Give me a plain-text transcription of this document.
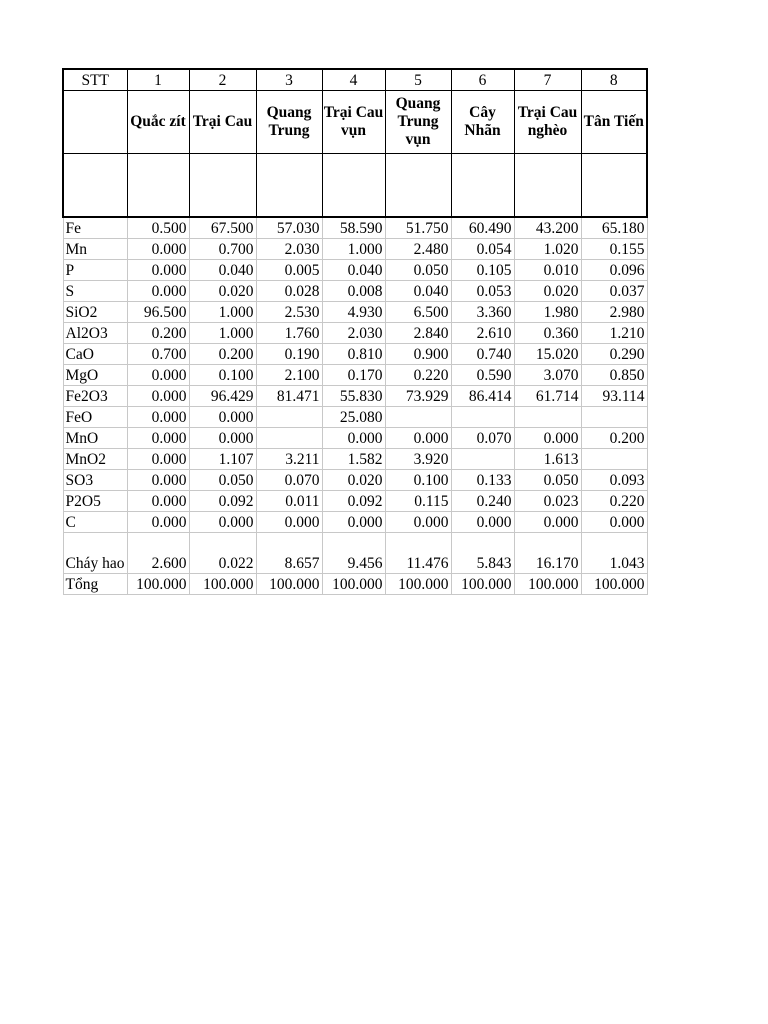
STT	1	2	3	4	5	6	7	8
	Quắc zít	Trại Cau	Quang Trung	Trại Cau vụn	Quang Trung vụn	Cây Nhãn	Trại Cau nghèo	Tân Tiến

Fe	0.500	67.500	57.030	58.590	51.750	60.490	43.200	65.180
Mn	0.000	0.700	2.030	1.000	2.480	0.054	1.020	0.155
P	0.000	0.040	0.005	0.040	0.050	0.105	0.010	0.096
S	0.000	0.020	0.028	0.008	0.040	0.053	0.020	0.037
SiO2	96.500	1.000	2.530	4.930	6.500	3.360	1.980	2.980
Al2O3	0.200	1.000	1.760	2.030	2.840	2.610	0.360	1.210
CaO	0.700	0.200	0.190	0.810	0.900	0.740	15.020	0.290
MgO	0.000	0.100	2.100	0.170	0.220	0.590	3.070	0.850
Fe2O3	0.000	96.429	81.471	55.830	73.929	86.414	61.714	93.114
FeO	0.000	0.000		25.080				
MnO	0.000	0.000		0.000	0.000	0.070	0.000	0.200
MnO2	0.000	1.107	3.211	1.582	3.920		1.613	
SO3	0.000	0.050	0.070	0.020	0.100	0.133	0.050	0.093
P2O5	0.000	0.092	0.011	0.092	0.115	0.240	0.023	0.220
C	0.000	0.000	0.000	0.000	0.000	0.000	0.000	0.000
Cháy hao	2.600	0.022	8.657	9.456	11.476	5.843	16.170	1.043
Tổng	100.000	100.000	100.000	100.000	100.000	100.000	100.000	100.000
